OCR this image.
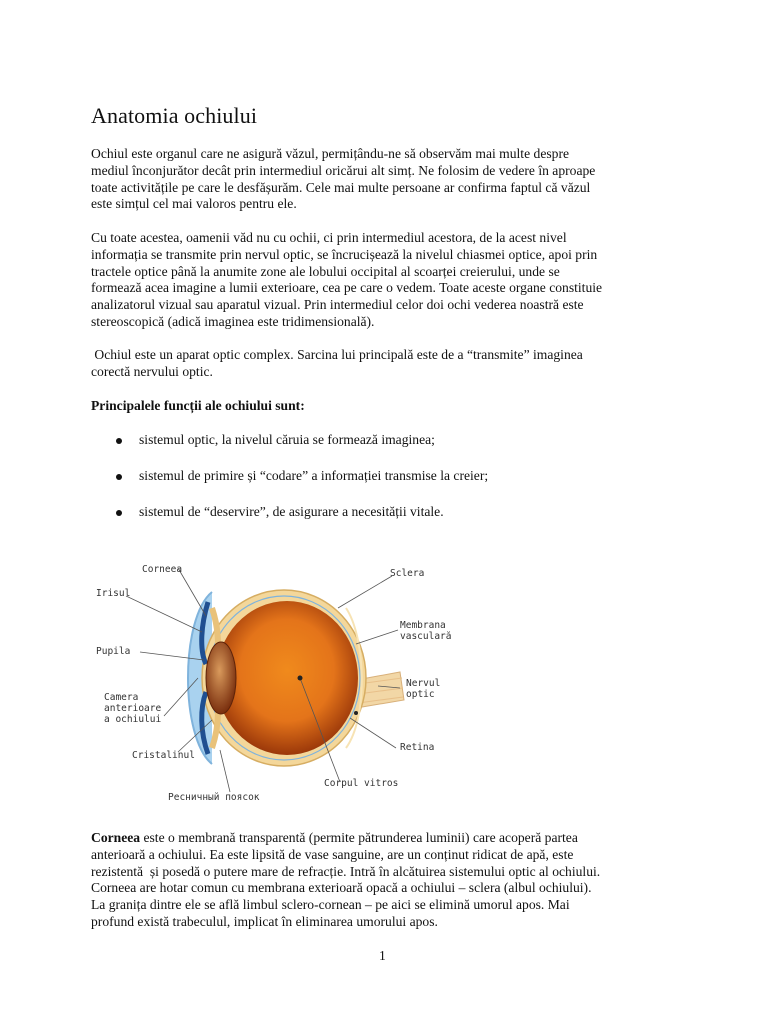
Anatomia ochiului

Ochiul este organul care ne asigură văzul, permițându-ne să observăm mai multe despre
mediul înconjurător decât prin intermediul oricărui alt simț. Ne folosim de vedere în aproape
toate activitățile pe care le desfășurăm. Cele mai multe persoane ar confirma faptul că văzul
este simțul cel mai valoros pentru ele.

Cu toate acestea, oamenii văd nu cu ochii, ci prin intermediul acestora, de la acest nivel
informația se transmite prin nervul optic, se încrucișează la nivelul chiasmei optice, apoi prin
tractele optice până la anumite zone ale lobului occipital al scoarței creierului, unde se
formează acea imagine a lumii exterioare, cea pe care o vedem. Toate aceste organe constituie
analizatorul vizual sau aparatul vizual. Prin intermediul celor doi ochi vederea noastră este
stereoscopică (adică imaginea este tridimensională).

Ochiul este un aparat optic complex. Sarcina lui principală este de a “transmite” imaginea
corectă nervului optic.

Principalele funcții ale ochiului sunt:

sistemul optic, la nivelul căruia se formează imaginea;
sistemul de primire și “codare” a informației transmise la creier;
sistemul de “deservire”, de asigurare a necesității vitale.
Corneea
Irisul
Pupila
Camera
anterioare
a ochiului
Cristalinul
Ресничный поясок
Sclera
Membrana
vasculară
Nervul
optic
Retina
Corpul vitros

Corneea este o membrană transparentă (permite pătrunderea luminii) care acoperă partea
anterioară a ochiului. Ea este lipsită de vase sanguine, are un conținut ridicat de apă, este
rezistentă  și posedă o putere mare de refracție. Intră în alcătuirea sistemului optic al ochiului.
Corneea are hotar comun cu membrana exterioară opacă a ochiului – sclera (albul ochiului).
La granița dintre ele se află limbul sclero-cornean – pe aici se elimină umorul apos. Mai
profund există trabeculul, implicat în eliminarea umorului apos.

1
